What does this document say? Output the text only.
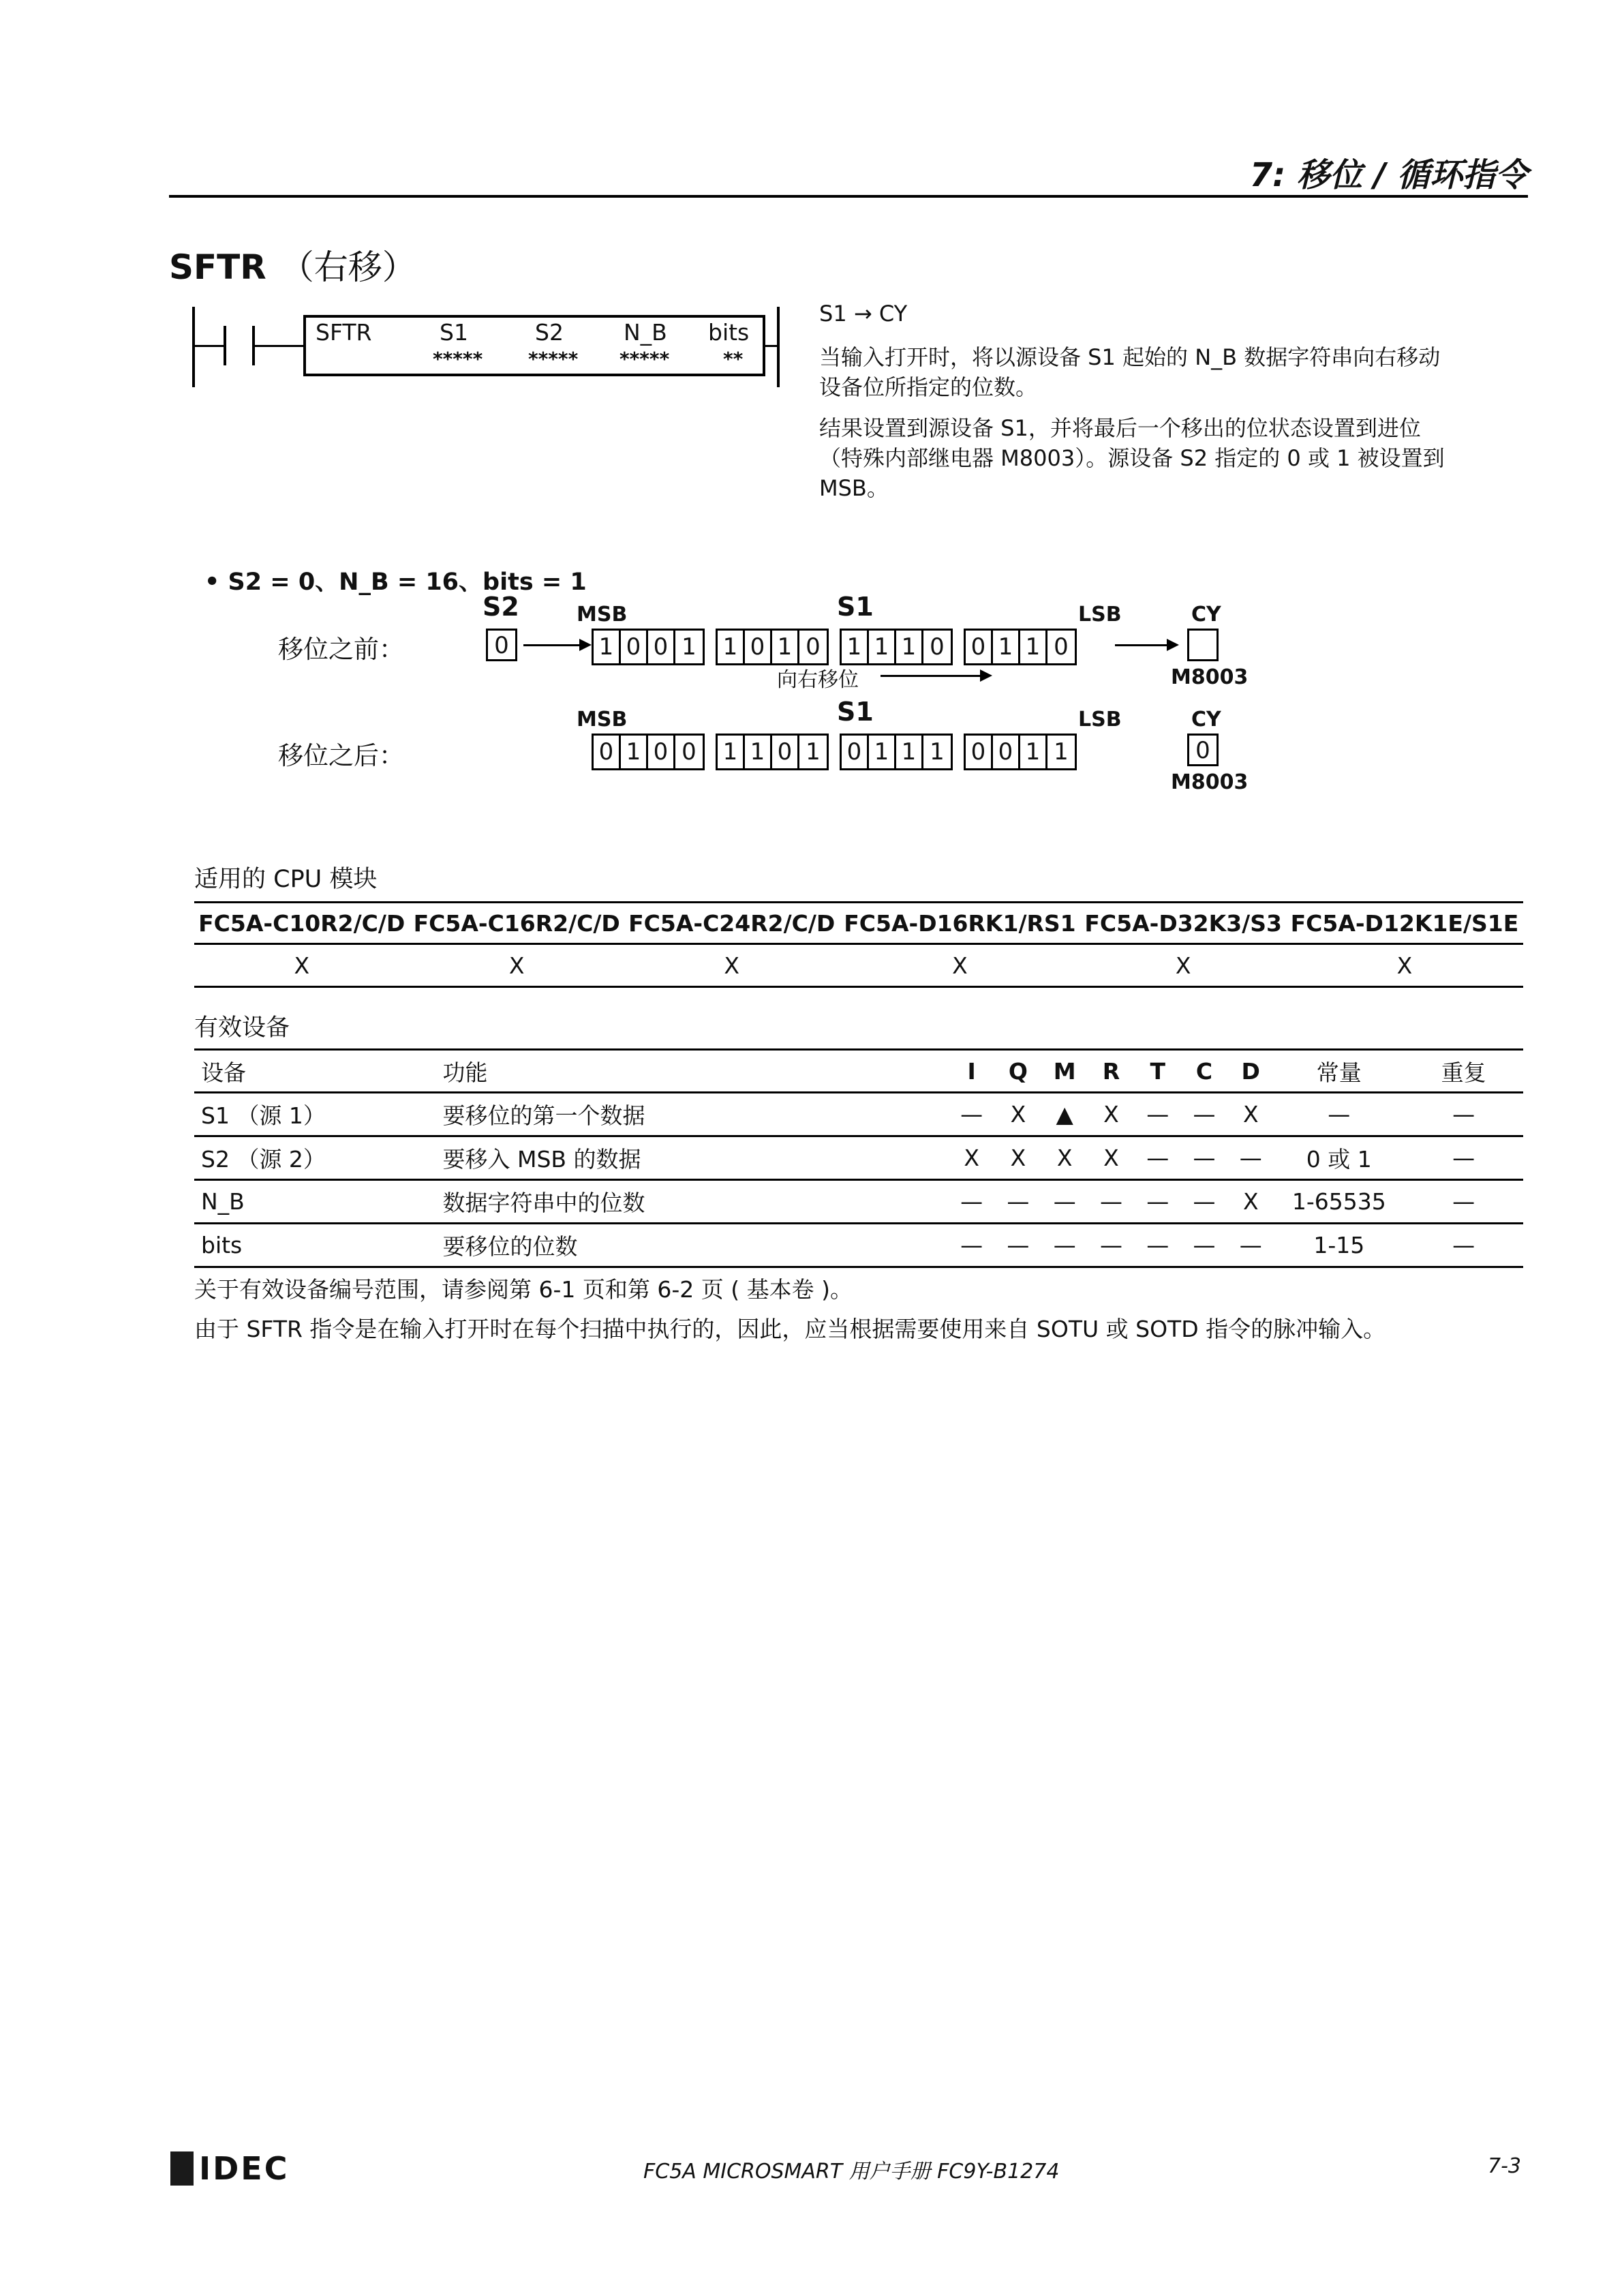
7: 移位 / 循环指令
SFTR （右移）
SFTR	S1	S2	N_B bits
***** ***** *****	**
S1 → CY
当输入打开时，将以源设备 S1 起始的 N_B 数据字符串向右移动
设备位所指定的位数。
结果设置到源设备 S1，并将最后一个移出的位状态设置到进位
（特殊内部继电器 M8003）。源设备 S2 指定的 0 或 1 被设置到
MSB。
• S2 = 0、N_B = 16、bits = 1
S2	MSB	S1	LSB	CY
移位之前：	0	1 0 0 1 1 0 1 0 1 1 1 0 0 1 1 0
M8003
向右移位
MSB	S1	LSB	CY
移位之后：	0 1 0 0 1 1 0 1 0 1 1 1 0 0 1 1	0
M8003
适用的 CPU 模块
FC5A-C10R2/C/D	FC5A-C16R2/C/D	FC5A-C24R2/C/D	FC5A-D16RK1/RS1	FC5A-D32K3/S3	FC5A-D12K1E/S1E
X	X	X	X	X	X
有效设备
设备	功能	I	Q	M	R	T	C	D	常量	重复
S1 （源 1）	要移位的第一个数据	—	X	▲	X	—	—	X	—	—
S2 （源 2）	要移入 MSB 的数据	X	X	X	X	—	—	—	0 或 1	—
N_B	数据字符串中的位数	—	—	—	—	—	—	X	1-65535	—
bits	要移位的位数	—	—	—	—	—	—	—	1-15	—
关于有效设备编号范围，请参阅第 6-1 页和第 6-2 页 ( 基本卷 )。
由于 SFTR 指令是在输入打开时在每个扫描中执行的，因此，应当根据需要使用来自 SOTU 或 SOTD 指令的脉冲输入。
IDEC	FC5A MICROSMART 用户手册 FC9Y-B1274	7-3
